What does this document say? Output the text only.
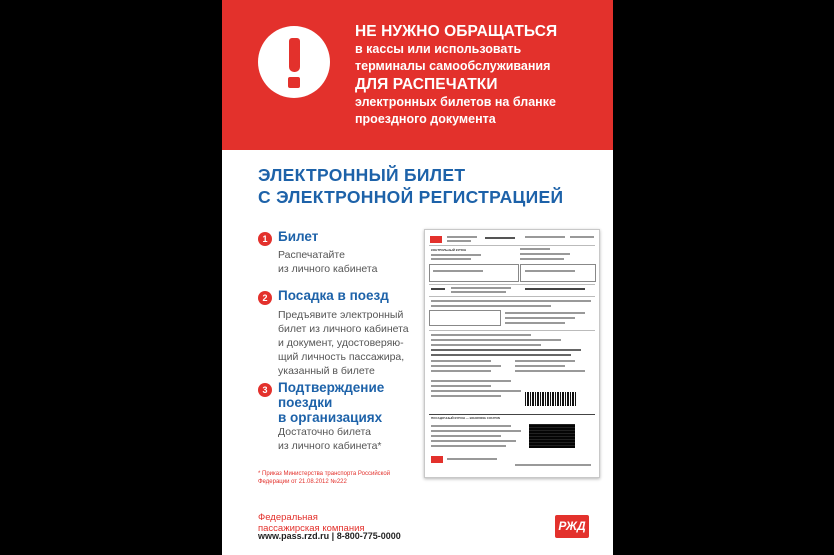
НЕ НУЖНО ОБРАЩАТЬСЯ
в кассы или использовать
терминалы самообслуживания
ДЛЯ РАСПЕЧАТКИ
электронных билетов на бланке
проездного документа
ЭЛЕКТРОННЫЙ БИЛЕТ
С ЭЛЕКТРОННОЙ РЕГИСТРАЦИЕЙ
1 Билет
Распечатайте
из личного кабинета
2 Посадка в поезд
Предъявите электронный
билет из личного кабинета
и документ, удостоверяю-
щий личность пассажира,
указанный в билете
3 Подтверждение
поездки
в организациях
Достаточно билета
из личного кабинета*
КОНТРОЛЬНЫЙ КУПОН
ПОСАДОЧНЫЙ КУПОН — BOARDING COUPON
* Приказ Министерства транспорта Российской
Федерации от 21.08.2012 №222
Федеральная
пассажирская компания
www.pass.rzd.ru | 8-800-775-0000
РЖД
